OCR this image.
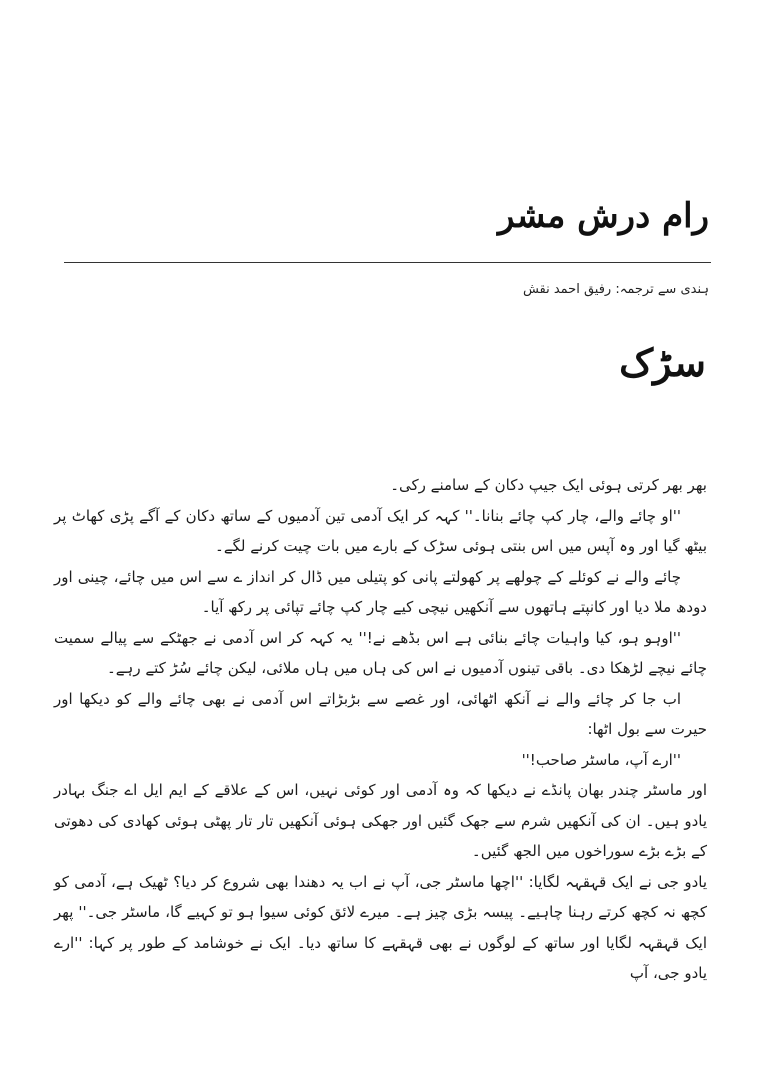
رام درش مشر
ہندی سے ترجمہ: رفیق احمد نقش
سڑک

بھر بھر کرتی ہوئی ایک جیپ دکان کے سامنے رکی۔

''او چائے والے، چار کپ چائے بنانا۔'' کہہ کر ایک آدمی تین آدمیوں کے ساتھ دکان کے آگے پڑی کھاٹ پر بیٹھ گیا اور وہ آپس میں اس بنتی ہوئی سڑک کے بارے میں بات چیت کرنے لگے۔

چائے والے نے کوئلے کے چولھے پر کھولتے پانی کو پتیلی میں ڈال کر انداز ے سے اس میں چائے، چینی اور دودھ ملا دیا اور کانپتے ہاتھوں سے آنکھیں نیچی کیے چار کپ چائے تپائی پر رکھ آیا۔

''اوہو ہو، کیا واہیات چائے بنائی ہے اس بڈھے نے!'' یہ کہہ کر اس آدمی نے جھٹکے سے پیالے سمیت چائے نیچے لڑھکا دی۔ باقی تینوں آدمیوں نے اس کی ہاں میں ہاں ملائی، لیکن چائے سُڑ کتے رہے۔

اب جا کر چائے والے نے آنکھ اٹھائی، اور غصے سے بڑبڑاتے اس آدمی نے بھی چائے والے کو دیکھا اور حیرت سے بول اٹھا:

''ارے آپ، ماسٹر صاحب!''

اور ماسٹر چندر بھان پانڈے نے دیکھا کہ وہ آدمی اور کوئی نہیں، اس کے علاقے کے ایم ایل اے جنگ بہادر یادو ہیں۔ ان کی آنکھیں شرم سے جھک گئیں اور جھکی ہوئی آنکھیں تار تار پھٹی ہوئی کھادی کی دھوتی کے بڑے بڑے سوراخوں میں الجھ گئیں۔

یادو جی نے ایک قہقہہ لگایا: ''اچھا ماسٹر جی، آپ نے اب یہ دھندا بھی شروع کر دیا؟ ٹھیک ہے، آدمی کو کچھ نہ کچھ کرتے رہنا چاہیے۔ پیسہ بڑی چیز ہے۔ میرے لائق کوئی سیوا ہو تو کہیے گا، ماسٹر جی۔'' پھر ایک قہقہہ لگایا اور ساتھ کے لوگوں نے بھی قہقہے کا ساتھ دیا۔ ایک نے خوشامد کے طور پر کہا: ''ارے یادو جی، آپ
